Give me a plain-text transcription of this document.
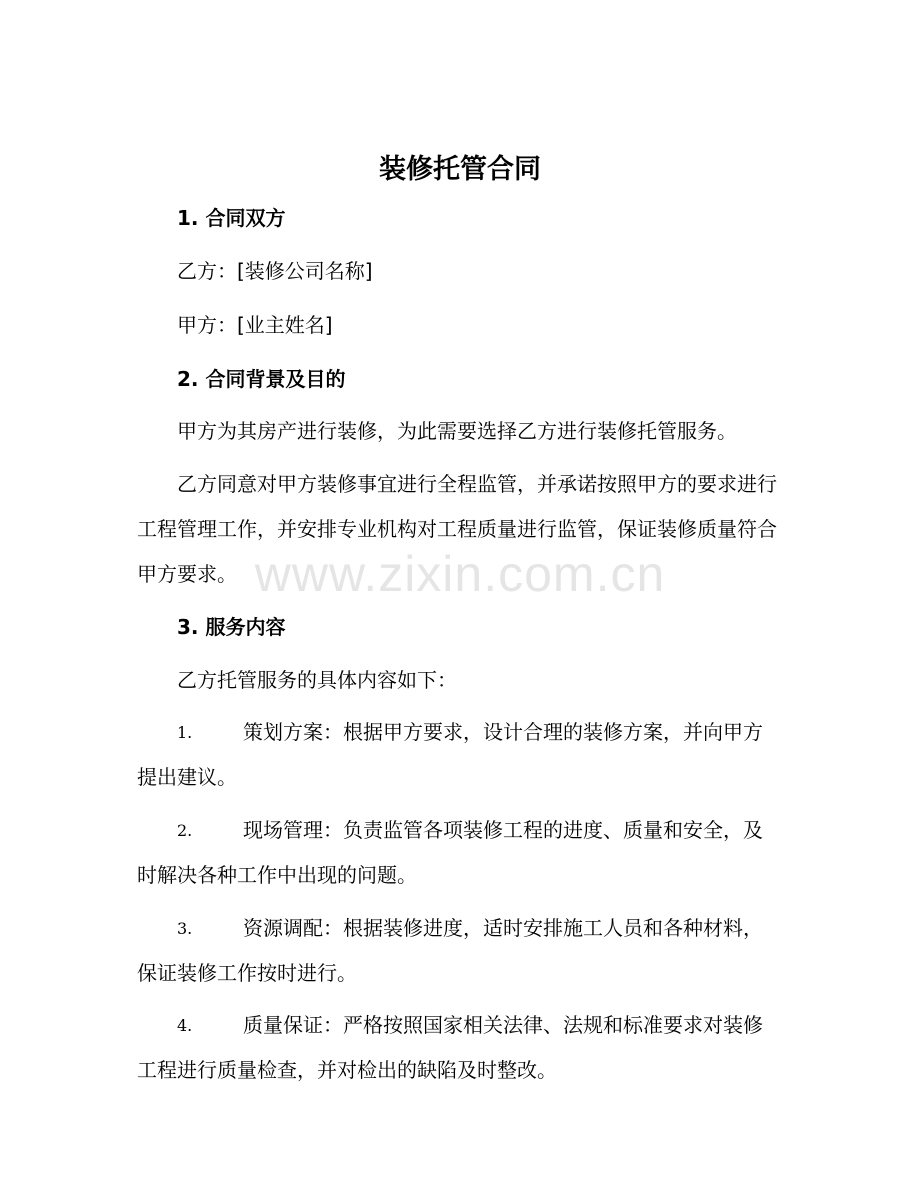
装修托管合同
1. 合同双方
乙方：[装修公司名称]
甲方：[业主姓名]
2. 合同背景及目的
甲方为其房产进行装修，为此需要选择乙方进行装修托管服务。
乙方同意对甲方装修事宜进行全程监管，并承诺按照甲方的要求进行工程管理工作，并安排专业机构对工程质量进行监管，保证装修质量符合甲方要求。
3. 服务内容
乙方托管服务的具体内容如下：
1.	策划方案：根据甲方要求，设计合理的装修方案，并向甲方提出建议。
2.	现场管理：负责监管各项装修工程的进度、质量和安全，及时解决各种工作中出现的问题。
3.	资源调配：根据装修进度，适时安排施工人员和各种材料，保证装修工作按时进行。
4.	质量保证：严格按照国家相关法律、法规和标准要求对装修工程进行质量检查，并对检出的缺陷及时整改。
www.zixin.com.cn
